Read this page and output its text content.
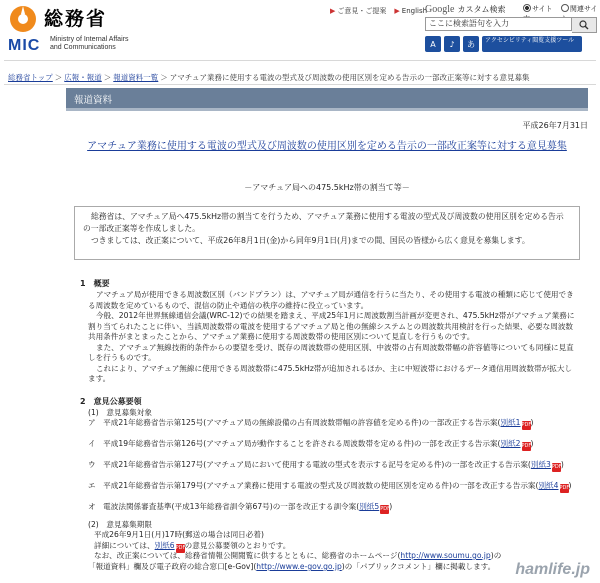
総務省
MIC Ministry of Internal Affairs
and Communications
▶ ご意見・ご提案 ▶ English
Google カスタム検索	サイト	関連サイ
ここに検索語句を入力
A	♪	あ	アクセシビリティ閲覧支援ツール
総務省トップ ＞ 広報・報道 ＞ 報道資料一覧 ＞ アマチュア業務に使用する電波の型式及び周波数の使用区別を定める告示の一部改正案等に対する意見募集
報道資料
平成26年7月31日
アマチュア業務に使用する電波の型式及び周波数の使用区別を定める告示の一部改正案等に対する意見募集
－アマチュア局への475.5kHz帯の割当て等－

総務省は、アマチュア局へ475.5kHz帯の割当てを行うため、アマチュア業務に使用する電波の型式及び周波数の使用区別を定める告示の一部改正案等を作成しました。

つきましては、改正案について、平成26年8月1日(金)から同年9月1日(月)までの間、国民の皆様から広く意見を募集します。

1　概要

アマチュア局が使用できる周波数区別（バンドプラン）は、アマチュア局が通信を行うに当たり、その使用する電波の種類に応じて使用できる周波数を定めているもので、混信の防止や通信の秩序の維持に役立っています。

今般、2012年世界無線通信会議(WRC-12)での結果を踏まえ、平成25年1月に周波数割当計画が変更され、475.5kHz帯がアマチュア業務に割り当てられたことに伴い、当該周波数帯の電波を使用するアマチュア局と他の無線システムとの周波数共用検討を行った結果、必要な周波数共用条件がまとまったことから、アマチュア業務に使用する周波数帯の使用区別について見直しを行うものです。

また、アマチュア無線技術的条件からの要望を受け、既存の周波数帯の使用区別、中波帯の占有周波数帯幅の許容値等についても同様に見直しを行うものです。

これにより、アマチュア無線に使用できる周波数帯に475.5kHz帯が追加されるほか、主に中短波帯におけるデータ通信用周波数帯が拡大します。

2　意見公募要領
(1)　意見募集対象
ア　平成21年総務省告示第125号(アマチュア局の無線設備の占有周波数帯幅の許容値を定める件)の一部改正する告示案(別紙1PDF)
イ　平成19年総務省告示第126号(アマチュア局が動作することを許される周波数帯を定める件)の一部を改正する告示案(別紙2PDF)
ウ　平成21年総務省告示第127号(アマチュア局において使用する電波の型式を表示する記号を定める件)の一部を改正する告示案(別紙3PDF)
エ　平成21年総務省告示第179号(アマチュア業務に使用する電波の型式及び周波数の使用区別を定める件)の一部を改正する告示案(別紙4PDF)
オ　電波法関係審査基準(平成13年総務省訓令第67号)の一部を改正する訓令案(別紙5PDF)
(2)　意見募集期限
平成26年9月1日(月)17時(郵送の場合は同日必着)
詳細については、別紙6PDFの意見公募要領のとおりです。
なお、改正案については、総務省情報公開閲覧に供するとともに、総務省のホームページ(http://www.soumu.go.jp)の
「報道資料」欄及び電子政府の総合窓口[e-Gov](http://www.e-gov.go.jp)の「パブリックコメント」欄に掲載します。	hamlife.jp
